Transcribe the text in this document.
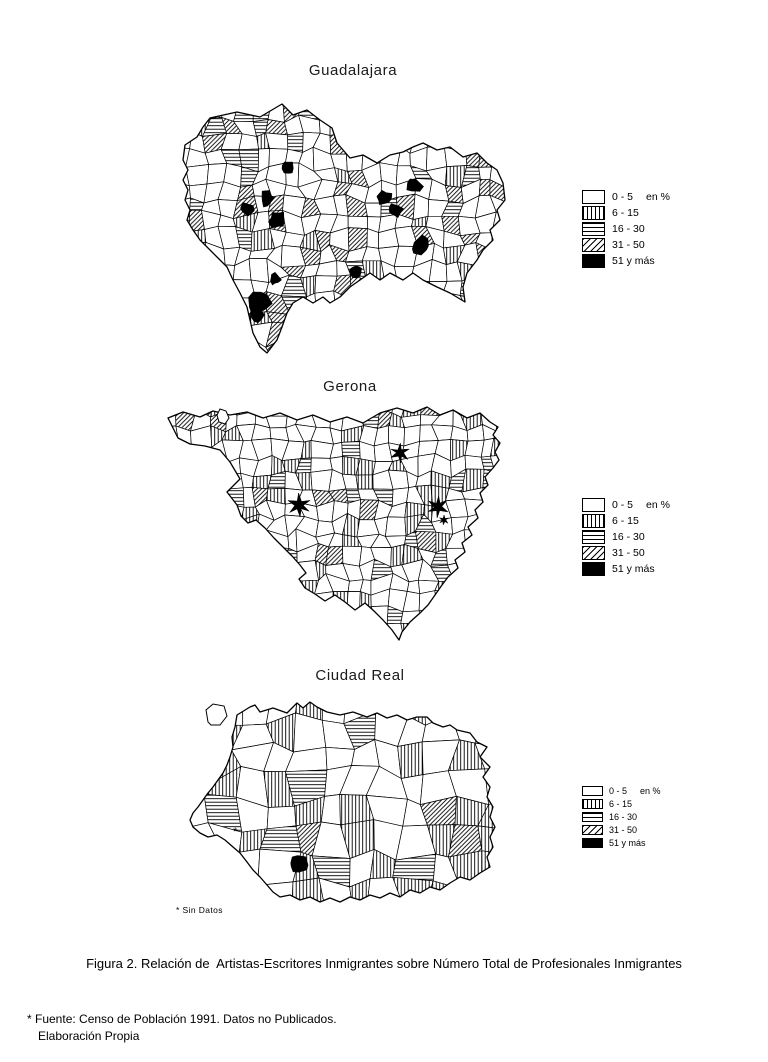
Guadalajara
0 - 5 en %
6 - 15
16 - 30
31 - 50
51 y más
Gerona
0 - 5 en %
6 - 15
16 - 30
31 - 50
51 y más
Ciudad Real
*
0 - 5 en %
6 - 15
16 - 30
31 - 50
51 y más
* Sin Datos
Figura 2. Relación de  Artistas-Escritores Inmigrantes sobre Número Total de Profesionales Inmigrantes
* Fuente: Censo de Población 1991. Datos no Publicados.
Elaboración Propia
